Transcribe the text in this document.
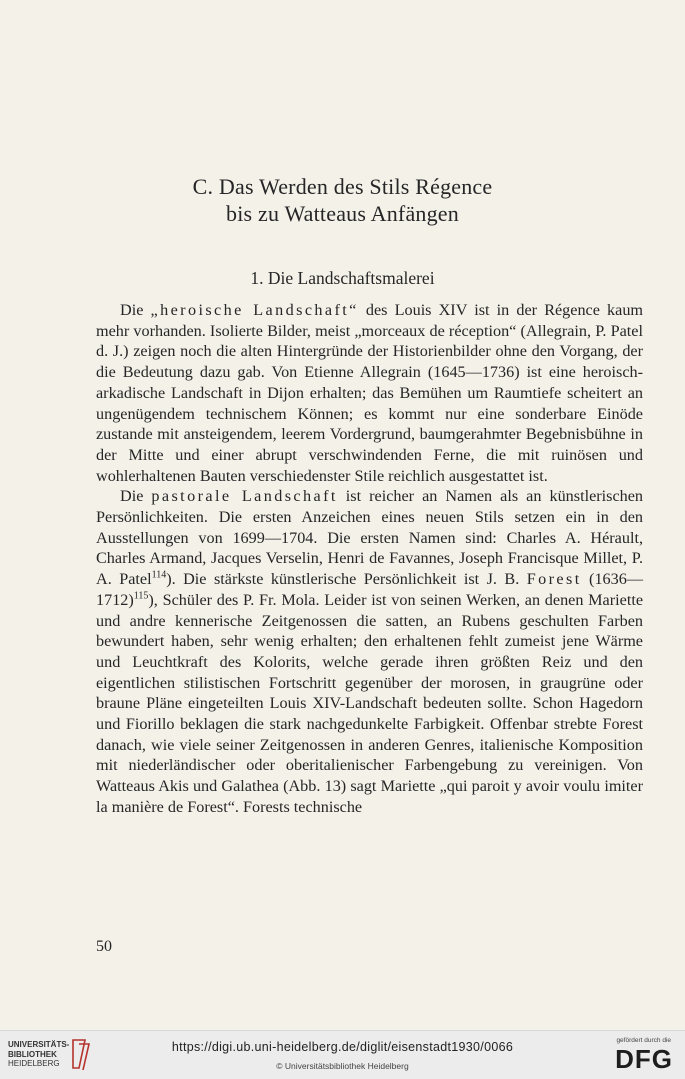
C. Das Werden des Stils Régence
bis zu Watteaus Anfängen
1. Die Landschaftsmalerei

Die „heroische Landschaft“ des Louis XIV ist in der Régence kaum mehr vorhanden. Isolierte Bilder, meist „morceaux de réception“ (Allegrain, P. Patel d. J.) zeigen noch die alten Hintergründe der Historienbilder ohne den Vorgang, der die Bedeutung dazu gab. Von Etienne Allegrain (1645—1736) ist eine heroisch-arkadische Landschaft in Dijon erhalten; das Bemühen um Raumtiefe scheitert an ungenügendem technischem Können; es kommt nur eine sonderbare Einöde zustande mit ansteigendem, leerem Vordergrund, baumgerahmter Begebnisbühne in der Mitte und einer abrupt verschwindenden Ferne, die mit ruinösen und wohlerhaltenen Bauten verschiedenster Stile reichlich ausgestattet ist.

Die pastorale Landschaft ist reicher an Namen als an künstlerischen Persönlichkeiten. Die ersten Anzeichen eines neuen Stils setzen ein in den Ausstellungen von 1699—1704. Die ersten Namen sind: Charles A. Hérault, Charles Armand, Jacques Verselin, Henri de Favannes, Joseph Francisque Millet, P. A. Patel$^{114}$). Die stärkste künstlerische Persönlichkeit ist J. B. Forest (1636—1712)$^{115}$), Schüler des P. Fr. Mola. Leider ist von seinen Werken, an denen Mariette und andre kennerische Zeitgenossen die satten, an Rubens geschulten Farben bewundert haben, sehr wenig erhalten; den erhaltenen fehlt zumeist jene Wärme und Leuchtkraft des Kolorits, welche gerade ihren größten Reiz und den eigentlichen stilistischen Fortschritt gegenüber der morosen, in graugrüne oder braune Pläne eingeteilten Louis XIV-Landschaft bedeuten sollte. Schon Hagedorn und Fiorillo beklagen die stark nachgedunkelte Farbigkeit. Offenbar strebte Forest danach, wie viele seiner Zeitgenossen in anderen Genres, italienische Komposition mit niederländischer oder oberitalienischer Farbengebung zu vereinigen. Von Watteaus Akis und Galathea (Abb. 13) sagt Mariette „qui paroit y avoir voulu imiter la manière de Forest“. Forests technische

50
UNIVERSITÄTS-
BIBLIOTHEK
HEIDELBERG
https://digi.ub.uni-heidelberg.de/diglit/eisenstadt1930/0066
© Universitätsbibliothek Heidelberg
gefördert durch die
DFG
